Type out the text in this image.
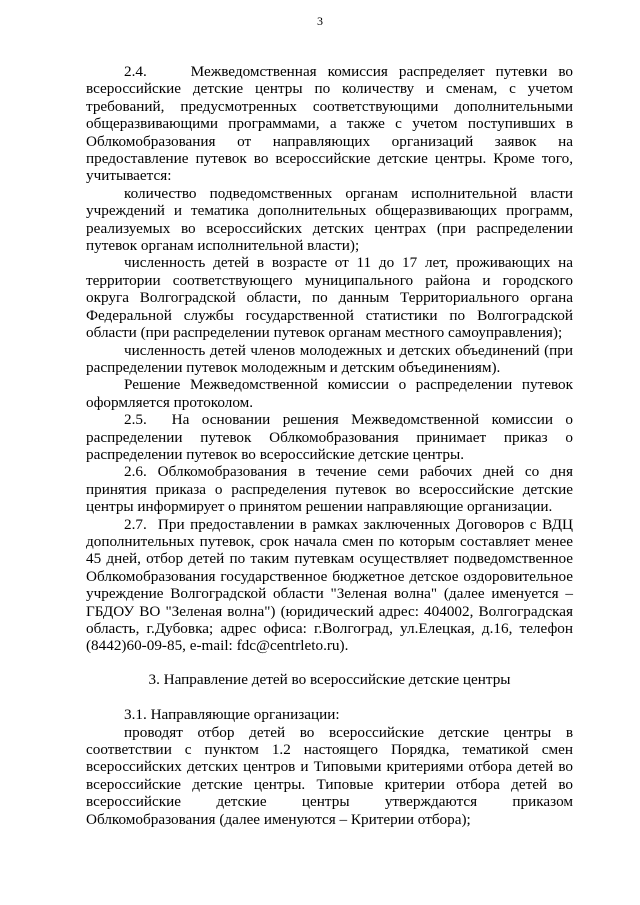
3

2.4.    Межведомственная комиссия распределяет путевки во всероссийские детские центры по количеству и сменам, с учетом требований, предусмотренных соответствующими дополнительными общеразвивающими программами, а также с учетом поступивших в Облкомобразования от направляющих организаций заявок на предоставление путевок во всероссийские детские центры. Кроме того, учитывается:

количество подведомственных органам исполнительной власти учреждений и тематика дополнительных общеразвивающих программ, реализуемых во всероссийских детских центрах (при распределении путевок органам исполнительной власти);

численность детей в возрасте от 11 до 17 лет, проживающих на территории соответствующего муниципального района и городского округа Волгоградской области, по данным Территориального органа Федеральной службы государственной статистики по Волгоградской области (при распределении путевок органам местного самоуправления);

численность детей членов молодежных и детских объединений (при распределении путевок молодежным и детским объединениям).

Решение Межведомственной комиссии о распределении путевок оформляется протоколом.

2.5.  На основании решения Межведомственной комиссии о распределении путевок Облкомобразования принимает приказ о распределении путевок во всероссийские детские центры.

2.6. Облкомобразования в течение семи рабочих дней со дня принятия приказа о распределения путевок во всероссийские детские центры информирует о принятом решении направляющие организации.

2.7.  При предоставлении в рамках заключенных Договоров с ВДЦ дополнительных путевок, срок начала смен по которым составляет менее 45 дней, отбор детей по таким путевкам осуществляет подведомственное Облкомобразования государственное бюджетное детское оздоровительное учреждение Волгоградской области "Зеленая волна" (далее именуется – ГБДОУ ВО "Зеленая волна") (юридический адрес: 404002, Волгоградская область, г.Дубовка; адрес офиса: г.Волгоград, ул.Елецкая, д.16, телефон (8442)60-09-85, e-mail: fdc@centrleto.ru).

3. Направление детей во всероссийские детские центры

3.1. Направляющие организации:

проводят отбор детей во всероссийские детские центры в соответствии с пунктом 1.2 настоящего Порядка, тематикой смен всероссийских детских центров и Типовыми критериями отбора детей во всероссийские детские центры. Типовые критерии отбора детей во всероссийские детские центры утверждаются приказом Облкомобразования (далее именуются – Критерии отбора);
